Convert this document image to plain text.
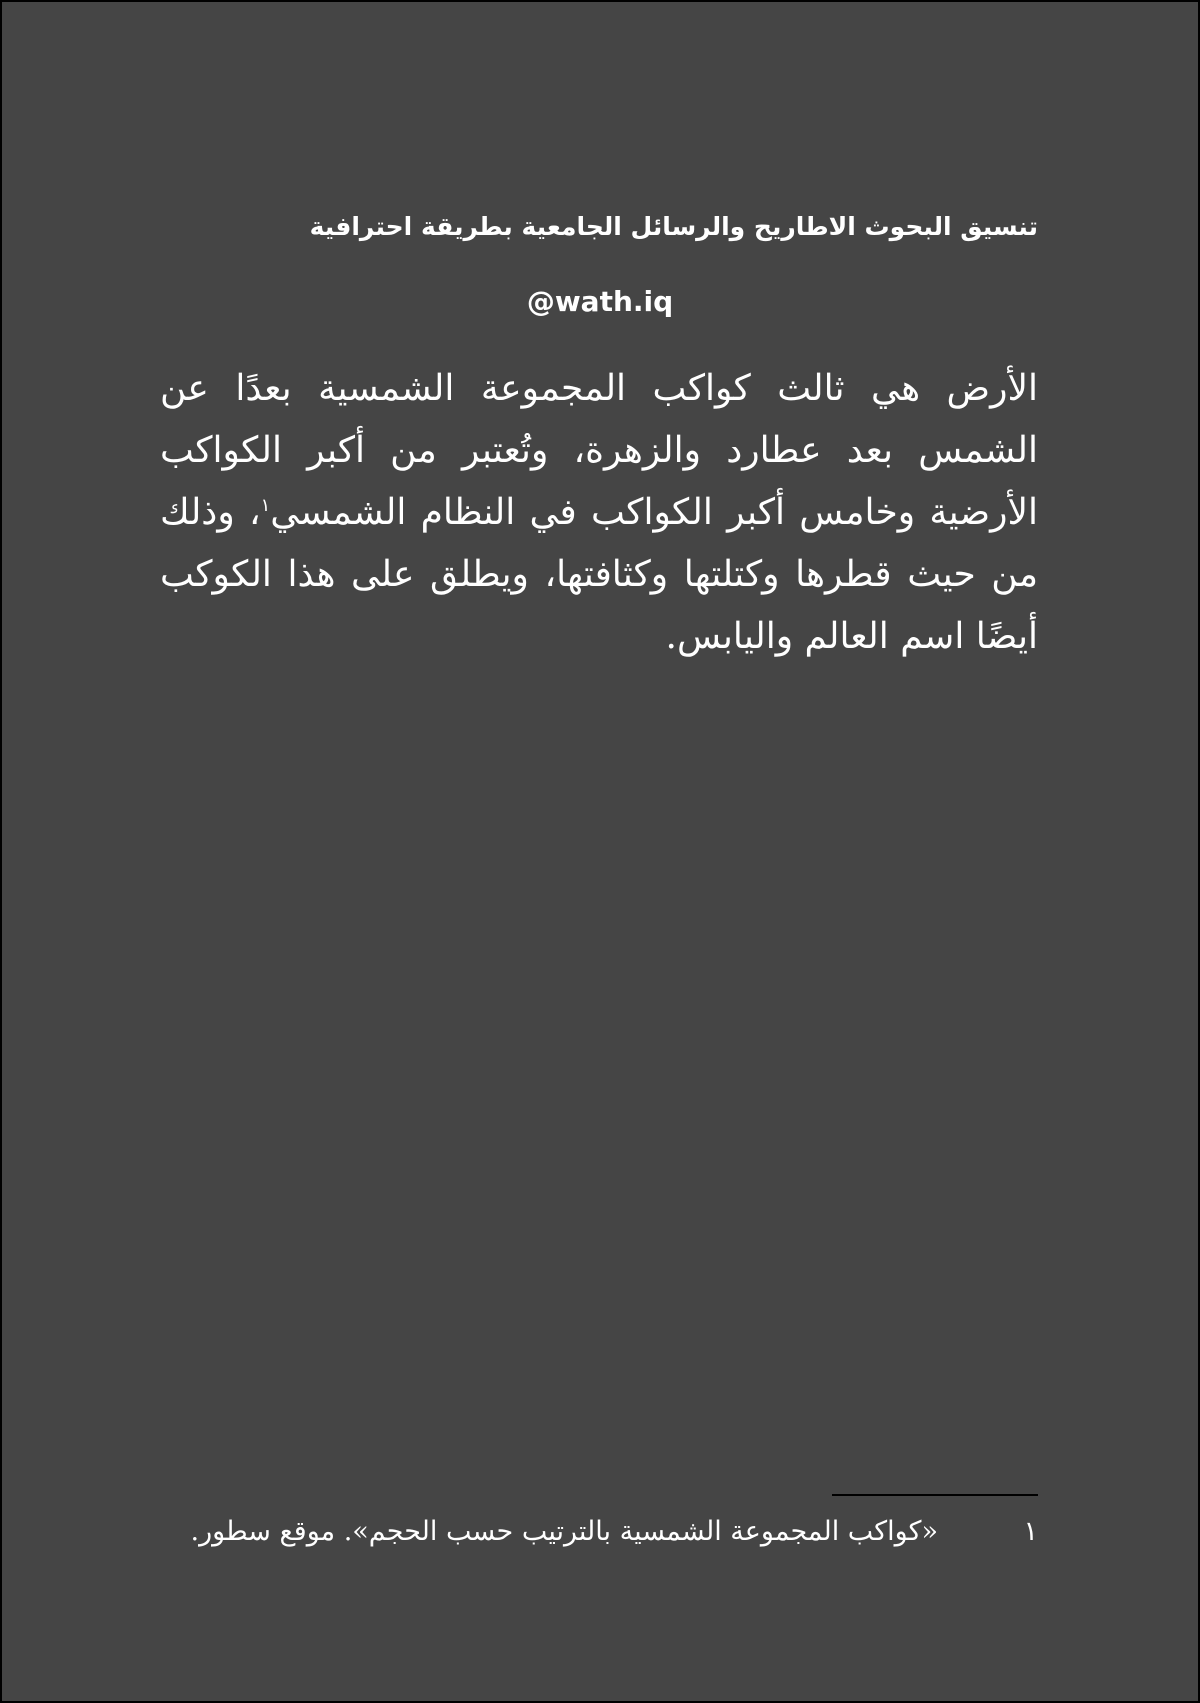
تنسيق البحوث الاطاريح والرسائل الجامعية بطريقة احترافية
@wath.iq

الأرض هي ثالث كواكب المجموعة الشمسية بعدًا عن الشمس بعد عطارد والزهرة، وتُعتبر من أكبر الكواكب الأرضية وخامس أكبر الكواكب في النظام الشمسي$^١$، وذلك من حيث قطرها وكتلتها وكثافتها، ويطلق على هذا الكوكب أيضًا اسم العالم واليابس.

١«كواكب المجموعة الشمسية بالترتيب حسب الحجم». موقع سطور.
